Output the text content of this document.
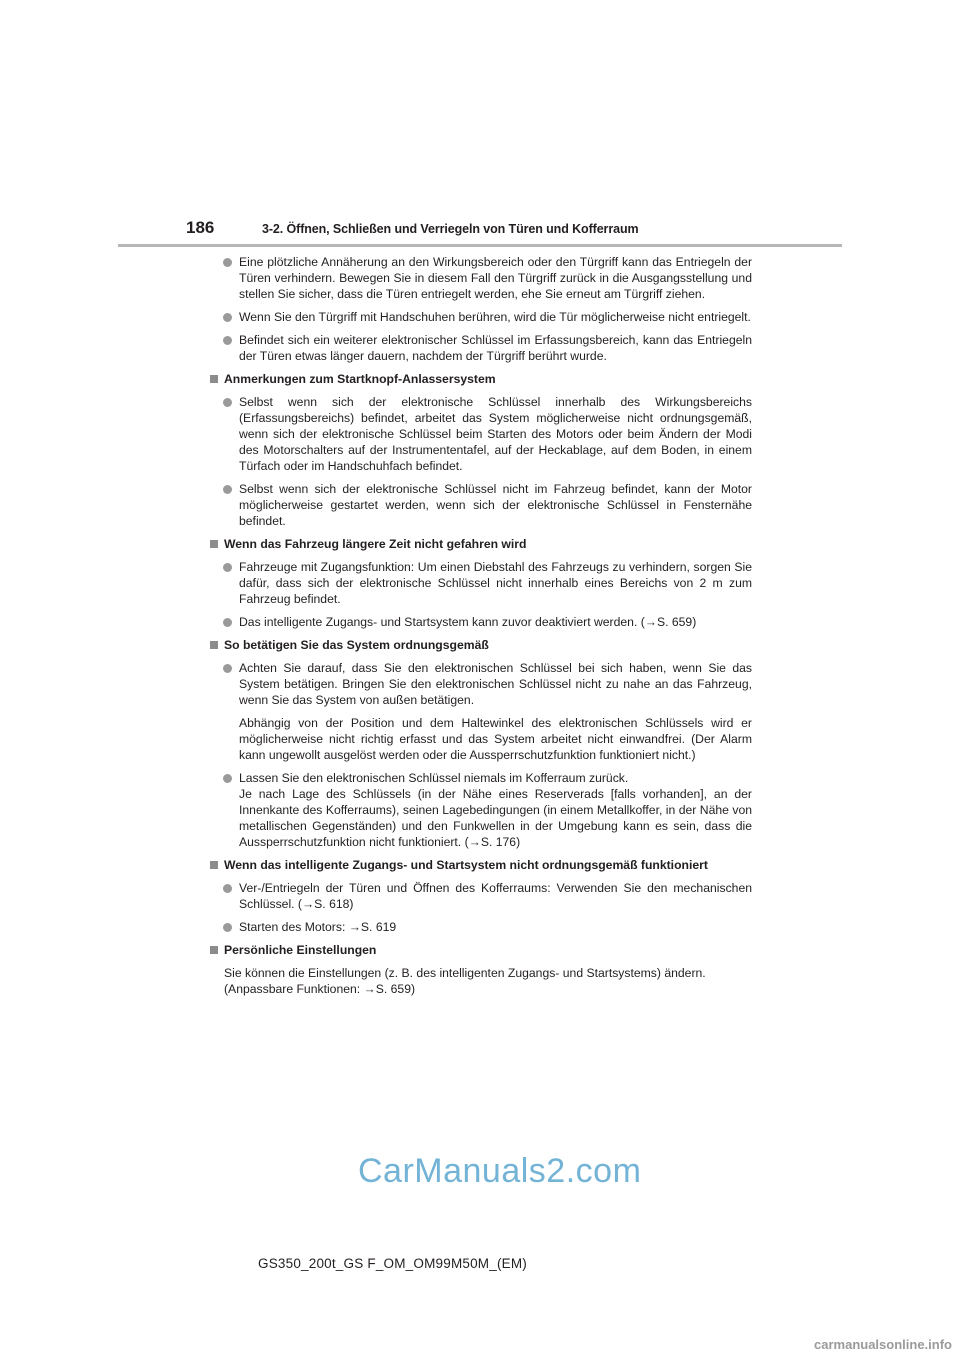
186	3-2. Öffnen, Schließen und Verriegeln von Türen und Kofferraum
Eine plötzliche Annäherung an den Wirkungsbereich oder den Türgriff kann das Entriegeln der Türen verhindern. Bewegen Sie in diesem Fall den Türgriff zurück in die Ausgangsstellung und stellen Sie sicher, dass die Türen entriegelt werden, ehe Sie erneut am Türgriff ziehen.
Wenn Sie den Türgriff mit Handschuhen berühren, wird die Tür möglicherweise nicht entriegelt.
Befindet sich ein weiterer elektronischer Schlüssel im Erfassungsbereich, kann das Entriegeln der Türen etwas länger dauern, nachdem der Türgriff berührt wurde.
Anmerkungen zum Startknopf-Anlassersystem
Selbst wenn sich der elektronische Schlüssel innerhalb des Wirkungsbereichs (Erfassungsbereichs) befindet, arbeitet das System möglicherweise nicht ordnungsgemäß, wenn sich der elektronische Schlüssel beim Starten des Motors oder beim Ändern der Modi des Motorschalters auf der Instrumententafel, auf der Heckablage, auf dem Boden, in einem Türfach oder im Handschuhfach befindet.
Selbst wenn sich der elektronische Schlüssel nicht im Fahrzeug befindet, kann der Motor möglicherweise gestartet werden, wenn sich der elektronische Schlüssel in Fensternähe befindet.
Wenn das Fahrzeug längere Zeit nicht gefahren wird
Fahrzeuge mit Zugangsfunktion: Um einen Diebstahl des Fahrzeugs zu verhindern, sorgen Sie dafür, dass sich der elektronische Schlüssel nicht innerhalb eines Bereichs von 2 m zum Fahrzeug befindet.
Das intelligente Zugangs- und Startsystem kann zuvor deaktiviert werden. (→S. 659)
So betätigen Sie das System ordnungsgemäß
Achten Sie darauf, dass Sie den elektronischen Schlüssel bei sich haben, wenn Sie das System betätigen. Bringen Sie den elektronischen Schlüssel nicht zu nahe an das Fahrzeug, wenn Sie das System von außen betätigen.
Abhängig von der Position und dem Haltewinkel des elektronischen Schlüssels wird er möglicherweise nicht richtig erfasst und das System arbeitet nicht einwandfrei. (Der Alarm kann ungewollt ausgelöst werden oder die Aussperrschutzfunktion funktioniert nicht.)
Lassen Sie den elektronischen Schlüssel niemals im Kofferraum zurück.
Je nach Lage des Schlüssels (in der Nähe eines Reserverads [falls vorhanden], an der Innenkante des Kofferraums), seinen Lagebedingungen (in einem Metallkoffer, in der Nähe von metallischen Gegenständen) und den Funkwellen in der Umgebung kann es sein, dass die Aussperrschutzfunktion nicht funktioniert. (→S. 176)
Wenn das intelligente Zugangs- und Startsystem nicht ordnungsgemäß funktioniert
Ver-/Entriegeln der Türen und Öffnen des Kofferraums: Verwenden Sie den mechanischen Schlüssel. (→S. 618)
Starten des Motors: →S. 619
Persönliche Einstellungen
Sie können die Einstellungen (z. B. des intelligenten Zugangs- und Startsystems) ändern.
(Anpassbare Funktionen: →S. 659)
CarManuals2.com
GS350_200t_GS F_OM_OM99M50M_(EM)
carmanualsonline.info
